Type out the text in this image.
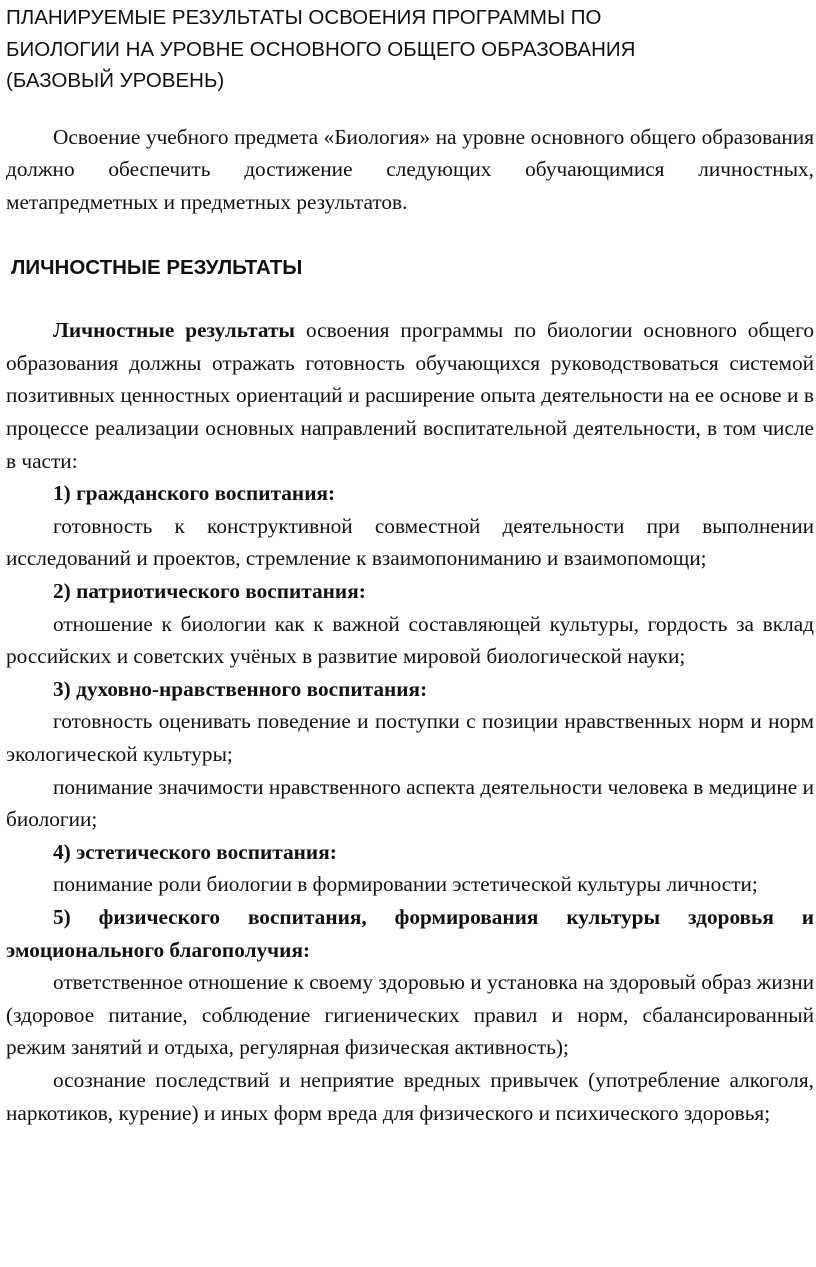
ПЛАНИРУЕМЫЕ РЕЗУЛЬТАТЫ ОСВОЕНИЯ ПРОГРАММЫ ПО
БИОЛОГИИ НА УРОВНЕ ОСНОВНОГО ОБЩЕГО ОБРАЗОВАНИЯ
(БАЗОВЫЙ УРОВЕНЬ)

Освоение учебного предмета «Биология» на уровне основного общего образования должно обеспечить достижение следующих обучающимися личностных, метапредметных и предметных результатов.

ЛИЧНОСТНЫЕ РЕЗУЛЬТАТЫ

Личностные результаты освоения программы по биологии основного общего образования должны отражать готовность обучающихся руководствоваться системой позитивных ценностных ориентаций и расширение опыта деятельности на ее основе и в процессе реализации основных направлений воспитательной деятельности, в том числе в части:

1) гражданского воспитания:

готовность к конструктивной совместной деятельности при выполнении исследований и проектов, стремление к взаимопониманию и взаимопомощи;

2) патриотического воспитания:

отношение к биологии как к важной составляющей культуры, гордость за вклад российских и советских учёных в развитие мировой биологической науки;

3) духовно-нравственного воспитания:

готовность оценивать поведение и поступки с позиции нравственных норм и норм экологической культуры;

понимание значимости нравственного аспекта деятельности человека в медицине и биологии;

4) эстетического воспитания:

понимание роли биологии в формировании эстетической культуры личности;

5) физического воспитания, формирования культуры здоровья и эмоционального благополучия:

ответственное отношение к своему здоровью и установка на здоровый образ жизни (здоровое питание, соблюдение гигиенических правил и норм, сбалансированный режим занятий и отдыха, регулярная физическая активность);

осознание последствий и неприятие вредных привычек (употребление алкоголя, наркотиков, курение) и иных форм вреда для физического и психического здоровья;
